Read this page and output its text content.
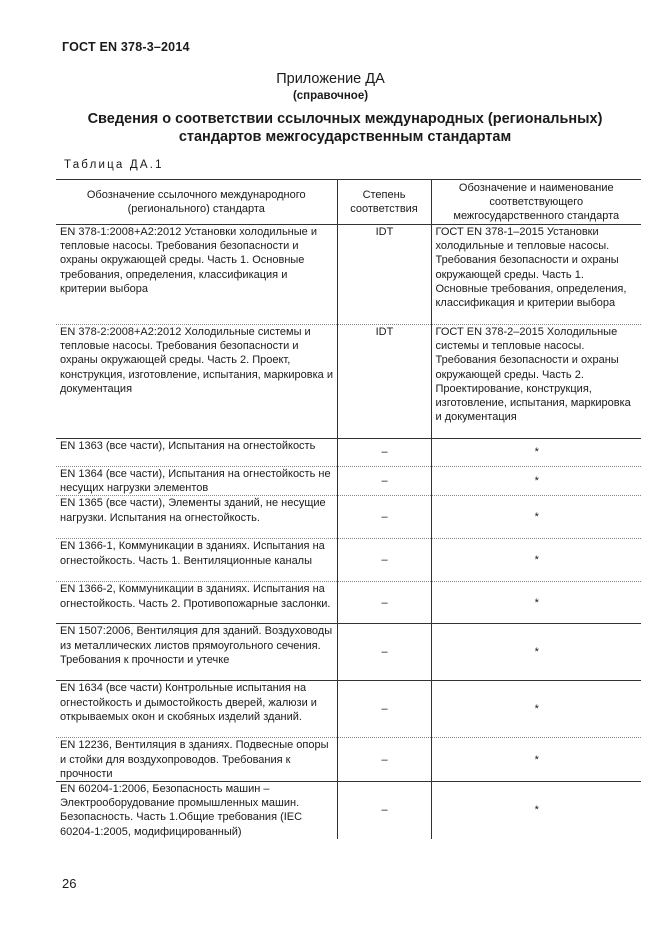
ГОСТ EN 378-3–2014
Приложение ДА
(справочное)
Сведения о соответствии ссылочных международных (региональных)
стандартов межгосударственным стандартам
Таблица ДА.1
Обозначение ссылочного международного (регионального) стандарта	Степень соответствия	Обозначение и наименование соответствующего межгосударственного стандарта
EN 378-1:2008+A2:2012 Установки холодильные и тепловые насосы. Требования безопасности и охраны окружающей среды. Часть 1. Основные требования, определения, классификация и критерии выбора	IDT	ГОСТ EN 378-1–2015 Установки холодильные и тепловые насосы. Требования безопасности и охраны окружающей среды. Часть 1. Основные требования, определения, классификация и критерии выбора
EN 378-2:2008+A2:2012 Холодильные системы и тепловые насосы. Требования безопасности и охраны окружающей среды. Часть 2. Проект, конструкция, изготовление, испытания, маркировка и документация	IDT	ГОСТ EN 378-2–2015 Холодильные системы и тепловые насосы. Требования безопасности и охраны окружающей среды. Часть 2. Проектирование, конструкция, изготовление, испытания, маркировка и документация
EN 1363 (все части), Испытания на огнестойкость	–	*
EN 1364 (все части), Испытания на огнестойкость не несущих нагрузки элементов	–	*
EN 1365 (все части), Элементы зданий, не несущие нагрузки. Испытания на огнестойкость.	–	*
EN 1366-1, Коммуникации в зданиях. Испытания на огнестойкость. Часть 1. Вентиляционные каналы	–	*
EN 1366-2, Коммуникации в зданиях. Испытания на огнестойкость. Часть 2. Противопожарные заслонки.	–	*
EN 1507:2006, Вентиляция для зданий. Воздуховоды из металлических листов прямоугольного сечения. Требования к прочности и утечке	–	*
EN 1634 (все части) Контрольные испытания на огнестойкость и дымостойкость дверей, жалюзи и открываемых окон и скобяных изделий зданий.	–	*
EN 12236, Вентиляция в зданиях. Подвесные опоры и стойки для воздухопроводов. Требования к прочности	–	*
EN 60204-1:2006, Безопасность машин – Электрооборудование промышленных машин. Безопасность. Часть 1.Общие требования (IEC 60204-1:2005, модифицированный)	–	*
26
